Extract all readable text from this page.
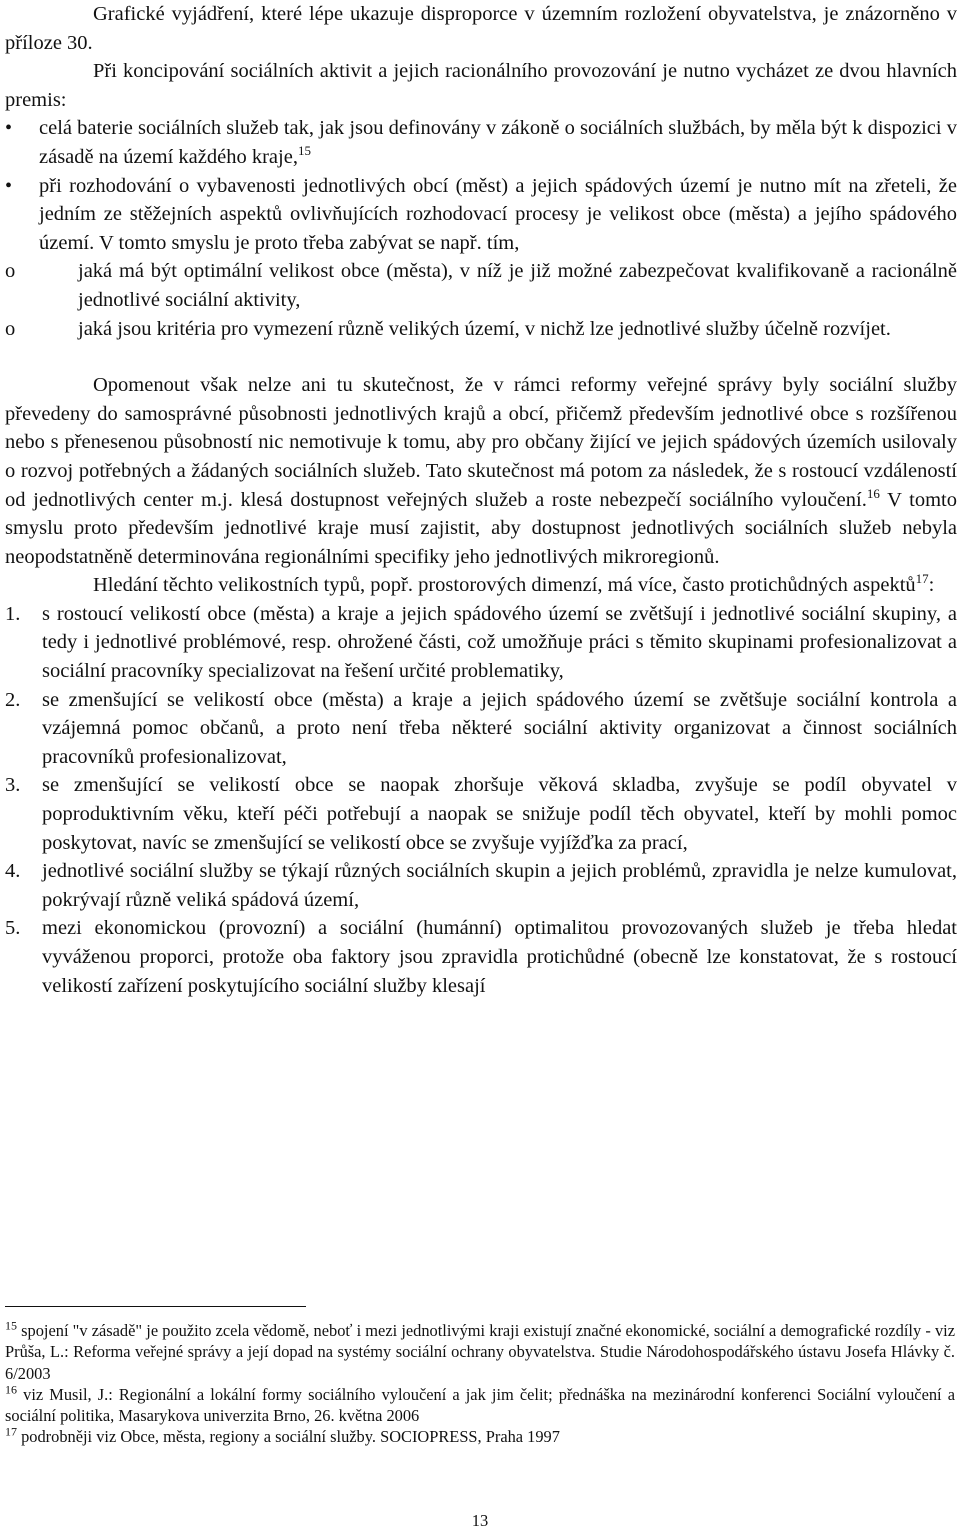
Grafické vyjádření, které lépe ukazuje disproporce v územním rozložení obyvatelstva, je znázorněno v příloze 30.

Při koncipování sociálních aktivit a jejich racionálního provozování je nutno vycházet ze dvou hlavních premis:

• celá baterie sociálních služeb tak, jak jsou definovány v zákoně o sociálních službách, by měla být k dispozici v zásadě na území každého kraje,$^{15}$
• při rozhodování o vybavenosti jednotlivých obcí (měst) a jejich spádových území je nutno mít na zřeteli, že jedním ze stěžejních aspektů ovlivňujících rozhodovací procesy je velikost obce (města) a jejího spádového území. V tomto smyslu je proto třeba zabývat se např. tím,
o	jaká má být optimální velikost obce (města), v níž je již možné zabezpečovat kvalifikovaně a racionálně jednotlivé sociální aktivity,
o	jaká jsou kritéria pro vymezení různě velikých území, v nichž lze jednotlivé služby účelně rozvíjet.

Opomenout však nelze ani tu skutečnost, že v rámci reformy veřejné správy byly sociální služby převedeny do samosprávné působnosti jednotlivých krajů a obcí, přičemž především jednotlivé obce s rozšířenou nebo s přenesenou působností nic nemotivuje k tomu, aby pro občany žijící ve jejich spádových územích usilovaly o rozvoj potřebných a žádaných sociálních služeb. Tato skutečnost má potom za následek, že s rostoucí vzdáleností od jednotlivých center m.j. klesá dostupnost veřejných služeb a roste nebezpečí sociálního vyloučení.$^{16}$ V tomto smyslu proto především jednotlivé kraje musí zajistit, aby dostupnost jednotlivých sociálních služeb nebyla neopodstatněně determinována regionálními specifiky jeho jednotlivých mikroregionů.

Hledání těchto velikostních typů, popř. prostorových dimenzí, má více, často protichůdných aspektů$^{17}$:

1. s rostoucí velikostí obce (města) a kraje a jejich spádového území se zvětšují i jednotlivé sociální skupiny, a tedy i jednotlivé problémové, resp. ohrožené části, což umožňuje práci s těmito skupinami profesionalizovat a sociální pracovníky specializovat na řešení určité problematiky,
2. se zmenšující se velikostí obce (města) a kraje a jejich spádového území se zvětšuje sociální kontrola a vzájemná pomoc občanů, a proto není třeba některé sociální aktivity organizovat a činnost sociálních pracovníků profesionalizovat,
3. se zmenšující se velikostí obce se naopak zhoršuje věková skladba, zvyšuje se podíl obyvatel v poproduktivním věku, kteří péči potřebují a naopak se snižuje podíl těch obyvatel, kteří by mohli pomoc poskytovat, navíc se zmenšující se velikostí obce se zvyšuje vyjížďka za prací,
4. jednotlivé sociální služby se týkají různých sociálních skupin a jejich problémů, zpravidla je nelze kumulovat, pokrývají různě veliká spádová území,
5. mezi ekonomickou (provozní) a sociální (humánní) optimalitou provozovaných služeb je třeba hledat vyváženou proporci, protože oba faktory jsou zpravidla protichůdné (obecně lze konstatovat, že s rostoucí velikostí zařízení poskytujícího sociální služby klesají

$^{15}$ spojení "v zásadě" je použito zcela vědomě, neboť i mezi jednotlivými kraji existují značné ekonomické, sociální a demografické rozdíly - viz Průša, L.: Reforma veřejné správy a její dopad na systémy sociální ochrany obyvatelstva. Studie Národohospodářského ústavu Josefa Hlávky č. 6/2003

$^{16}$ viz Musil, J.: Regionální a lokální formy sociálního vyloučení a jak jim čelit; přednáška na mezinárodní konferenci Sociální vyloučení a sociální politika, Masarykova univerzita Brno, 26. května 2006

$^{17}$ podrobněji viz Obce, města, regiony a sociální služby. SOCIOPRESS, Praha 1997

13
